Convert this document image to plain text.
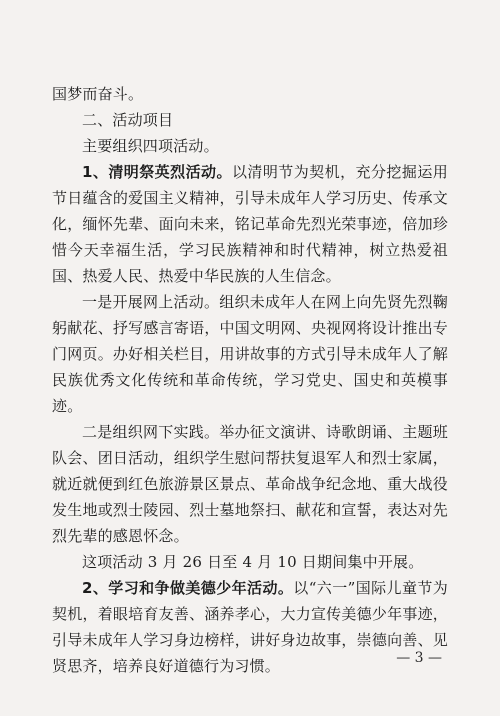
国梦而奋斗。

二、活动项目

主要组织四项活动。

1、清明祭英烈活动。以清明节为契机，充分挖掘运用节日蕴含的爱国主义精神，引导未成年人学习历史、传承文化，缅怀先辈、面向未来，铭记革命先烈光荣事迹，倍加珍惜今天幸福生活，学习民族精神和时代精神，树立热爱祖国、热爱人民、热爱中华民族的人生信念。

一是开展网上活动。组织未成年人在网上向先贤先烈鞠躬献花、抒写感言寄语，中国文明网、央视网将设计推出专门网页。办好相关栏目，用讲故事的方式引导未成年人了解民族优秀文化传统和革命传统，学习党史、国史和英模事迹。

二是组织网下实践。举办征文演讲、诗歌朗诵、主题班队会、团日活动，组织学生慰问帮扶复退军人和烈士家属，就近就便到红色旅游景区景点、革命战争纪念地、重大战役发生地或烈士陵园、烈士墓地祭扫、献花和宣誓，表达对先烈先辈的感恩怀念。

这项活动 3 月 26 日至 4 月 10 日期间集中开展。

2、学习和争做美德少年活动。以“六一”国际儿童节为契机，着眼培育友善、涵养孝心，大力宣传美德少年事迹，引导未成年人学习身边榜样，讲好身边故事，崇德向善、见贤思齐，培养良好道德行为习惯。	— 3 —
